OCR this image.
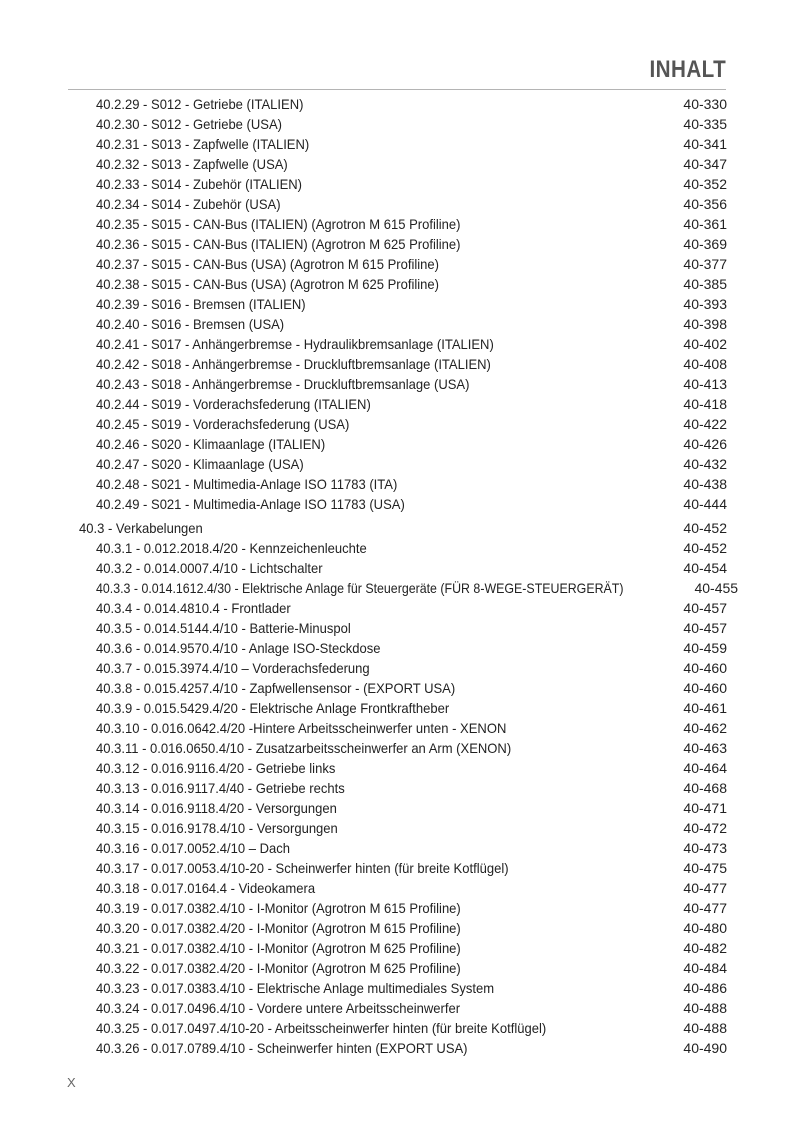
INHALT
40.2.29 - S012 - Getriebe (ITALIEN)	40-330
40.2.30 - S012 - Getriebe (USA)	40-335
40.2.31 - S013 - Zapfwelle (ITALIEN)	40-341
40.2.32 - S013 - Zapfwelle (USA)	40-347
40.2.33 - S014 - Zubehör (ITALIEN)	40-352
40.2.34 - S014 - Zubehör (USA)	40-356
40.2.35 - S015 - CAN-Bus (ITALIEN) (Agrotron M 615 Profiline)	40-361
40.2.36 - S015 - CAN-Bus (ITALIEN) (Agrotron M 625 Profiline)	40-369
40.2.37 - S015 - CAN-Bus (USA) (Agrotron M 615 Profiline)	40-377
40.2.38 - S015 - CAN-Bus (USA) (Agrotron M 625 Profiline)	40-385
40.2.39 - S016 - Bremsen (ITALIEN)	40-393
40.2.40 - S016 - Bremsen (USA)	40-398
40.2.41 - S017 - Anhängerbremse - Hydraulikbremsanlage (ITALIEN)	40-402
40.2.42 - S018 - Anhängerbremse - Druckluftbremsanlage (ITALIEN)	40-408
40.2.43 - S018 - Anhängerbremse - Druckluftbremsanlage (USA)	40-413
40.2.44 - S019 - Vorderachsfederung (ITALIEN)	40-418
40.2.45 - S019 - Vorderachsfederung (USA)	40-422
40.2.46 - S020 - Klimaanlage (ITALIEN)	40-426
40.2.47 - S020 - Klimaanlage (USA)	40-432
40.2.48 - S021 - Multimedia-Anlage ISO 11783 (ITA)	40-438
40.2.49 - S021 - Multimedia-Anlage ISO 11783 (USA)	40-444
40.3 - Verkabelungen	40-452
40.3.1 - 0.012.2018.4/20 - Kennzeichenleuchte	40-452
40.3.2 - 0.014.0007.4/10 - Lichtschalter	40-454
40.3.3 - 0.014.1612.4/30 - Elektrische Anlage für Steuergeräte (FÜR 8-WEGE-STEUERGERÄT)	40-455
40.3.4 - 0.014.4810.4 - Frontlader	40-457
40.3.5 - 0.014.5144.4/10 - Batterie-Minuspol	40-457
40.3.6 - 0.014.9570.4/10 - Anlage ISO-Steckdose	40-459
40.3.7 - 0.015.3974.4/10 – Vorderachsfederung	40-460
40.3.8 - 0.015.4257.4/10 - Zapfwellensensor - (EXPORT USA)	40-460
40.3.9 - 0.015.5429.4/20 - Elektrische Anlage Frontkraftheber	40-461
40.3.10 - 0.016.0642.4/20 -Hintere Arbeitsscheinwerfer unten - XENON	40-462
40.3.11 - 0.016.0650.4/10 - Zusatzarbeitsscheinwerfer an Arm (XENON)	40-463
40.3.12 - 0.016.9116.4/20 - Getriebe links	40-464
40.3.13 - 0.016.9117.4/40 - Getriebe rechts	40-468
40.3.14 - 0.016.9118.4/20 - Versorgungen	40-471
40.3.15 - 0.016.9178.4/10 - Versorgungen	40-472
40.3.16 - 0.017.0052.4/10 – Dach	40-473
40.3.17 - 0.017.0053.4/10-20 - Scheinwerfer hinten (für breite Kotflügel)	40-475
40.3.18 - 0.017.0164.4 - Videokamera	40-477
40.3.19 - 0.017.0382.4/10 - I-Monitor (Agrotron M 615 Profiline)	40-477
40.3.20 - 0.017.0382.4/20 - I-Monitor (Agrotron M 615 Profiline)	40-480
40.3.21 - 0.017.0382.4/10 - I-Monitor (Agrotron M 625 Profiline)	40-482
40.3.22 - 0.017.0382.4/20 - I-Monitor (Agrotron M 625 Profiline)	40-484
40.3.23 - 0.017.0383.4/10 - Elektrische Anlage multimediales System	40-486
40.3.24 - 0.017.0496.4/10 - Vordere untere Arbeitsscheinwerfer	40-488
40.3.25 - 0.017.0497.4/10-20 - Arbeitsscheinwerfer hinten (für breite Kotflügel)	40-488
40.3.26 - 0.017.0789.4/10 - Scheinwerfer hinten (EXPORT USA)	40-490
X
